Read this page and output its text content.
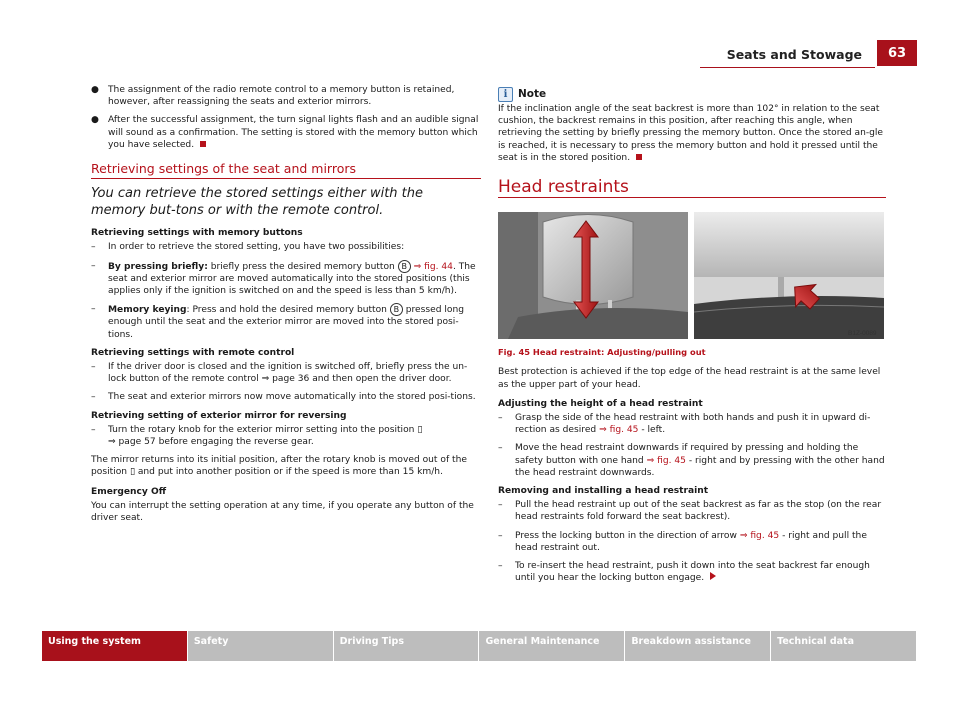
Seats and Stowage	63
● The assignment of the radio remote control to a memory button is retained, however, after reassigning the seats and exterior mirrors.
● After the successful assignment, the turn signal lights flash and an audible signal will sound as a confirmation. The setting is stored with the memory button which you have selected.
Retrieving settings of the seat and mirrors
You can retrieve the stored settings either with the memory but-tons or with the remote control.

Retrieving settings with memory buttons

– In order to retrieve the stored setting, you have two possibilities:
– By pressing briefly: briefly press the desired memory button B ⇒ fig. 44. The seat and exterior mirror are moved automatically into the stored positions (this applies only if the ignition is switched on and the speed is less than 5 km/h).
– Memory keying: Press and hold the desired memory button B pressed long enough until the seat and the exterior mirror are moved into the stored posi-tions.

Retrieving settings with remote control

– If the driver door is closed and the ignition is switched off, briefly press the un-lock button of the remote control ⇒ page 36 and then open the driver door.
– The seat and exterior mirrors now move automatically into the stored posi-tions.

Retrieving setting of exterior mirror for reversing

– Turn the rotary knob for the exterior mirror setting into the position ▯
⇒ page 57 before engaging the reverse gear.

The mirror returns into its initial position, after the rotary knob is moved out of the position ▯ and put into another position or if the speed is more than 15 km/h.

Emergency Off

You can interrupt the setting operation at any time, if you operate any button of the driver seat.

i	Note

If the inclination angle of the seat backrest is more than 102° in relation to the seat cushion, the backrest remains in this position, after reaching this angle, when retrieving the setting by briefly pressing the memory button. Once the stored an-gle is reached, it is necessary to press the memory button and hold it pressed until the seat is in the stored position.

Head restraints
B1Z-0089
Fig. 45 Head restraint: Adjusting/pulling out

Best protection is achieved if the top edge of the head restraint is at the same level as the upper part of your head.

Adjusting the height of a head restraint

– Grasp the side of the head restraint with both hands and push it in upward di-rection as desired ⇒ fig. 45 - left.
– Move the head restraint downwards if required by pressing and holding the safety button with one hand ⇒ fig. 45 - right and by pressing with the other hand the head restraint downwards.

Removing and installing a head restraint

– Pull the head restraint up out of the seat backrest as far as the stop (on the rear head restraints fold forward the seat backrest).
– Press the locking button in the direction of arrow ⇒ fig. 45 - right and pull the head restraint out.
– To re-insert the head restraint, push it down into the seat backrest far enough until you hear the locking button engage.
Using the system	Safety	Driving Tips	General Maintenance	Breakdown assistance	Technical data
